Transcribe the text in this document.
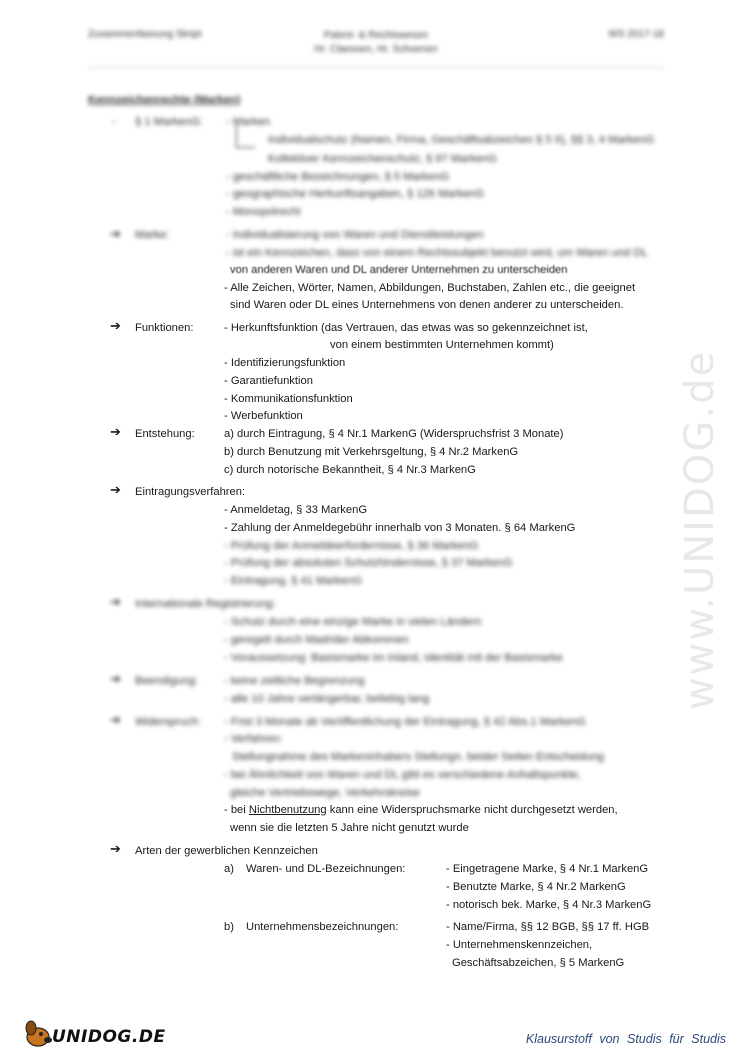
Zusammenfassung Skript	Patent- & Rechtswesen
Hr. Claessen, Hr. Schoenen
WS 2017-18
Kennzeichenrechte (Marken)
- § 1 MarkenG: - Marken
Individualschutz (Namen, Firma, Geschäftsabzeichen § 5 II), §§ 3, 4 MarkenG
Kollektiver Kennzeichenschutz, § 97 MarkenG
- geschäftliche Bezeichnungen, § 5 MarkenG
- geographische Herkunftsangaben, § 126 MarkenG
- Monopolrecht
➔ Marke:	- Individualisierung von Waren und Dienstleistungen
- ist ein Kennzeichen, dass von einem Rechtssubjekt benutzt wird, um Waren und DL
von anderen Waren und DL anderer Unternehmen zu unterscheiden
- Alle Zeichen, Wörter, Namen, Abbildungen, Buchstaben, Zahlen etc., die geeignet
sind Waren oder DL eines Unternehmens von denen anderer zu unterscheiden.
➔ Funktionen:	- Herkunftsfunktion (das Vertrauen, das etwas was so gekennzeichnet ist,
von einem bestimmten Unternehmen kommt)
- Identifizierungsfunktion
- Garantiefunktion
- Kommunikationsfunktion
- Werbefunktion
➔ Entstehung:	a) durch Eintragung, § 4 Nr.1 MarkenG (Widerspruchsfrist 3 Monate)
b) durch Benutzung mit Verkehrsgeltung, § 4 Nr.2 MarkenG
c) durch notorische Bekanntheit, § 4 Nr.3 MarkenG
➔ Eintragungsverfahren:
- Anmeldetag, § 33 MarkenG
- Zahlung der Anmeldegebühr innerhalb von 3 Monaten. § 64 MarkenG
- Prüfung der Anmeldeerfordernisse, § 36 MarkenG
- Prüfung der absoluten Schutzhindernisse, § 37 MarkenG
- Eintragung, § 41 MarkenG
➔ Internationale Registrierung:
- Schutz durch eine einzige Marke in vielen Ländern
- geregelt durch Madrider Abkommen
- Voraussetzung: Basismarke im Inland, Identität mit der Basismarke
➔ Beendigung: - keine zeitliche Begrenzung
- alle 10 Jahre verlängerbar, beliebig lang
➔ Widerspruch: - Frist 3 Monate ab Veröffentlichung der Eintragung, § 42 Abs.1 MarkenG
- Verfahren:
Stellungnahme des Markeninhabers Stellungn. beider Seiten Entscheidung
- bei Ähnlichkeit von Waren und DL gibt es verschiedene Anhaltspunkte,
gleiche Vertriebswege, Verkehrskreise
- bei Nichtbenutzung kann eine Widerspruchsmarke nicht durchgesetzt werden,
wenn sie die letzten 5 Jahre nicht genutzt wurde
➔ Arten der gewerblichen Kennzeichen
a) Waren- und DL-Bezeichnungen:	- Eingetragene Marke, § 4 Nr.1 MarkenG
- Benutzte Marke, § 4 Nr.2 MarkenG
- notorisch bek. Marke, § 4 Nr.3 MarkenG
b) Unternehmensbezeichnungen:	- Name/Firma, §§ 12 BGB, §§ 17 ff. HGB
- Unternehmenskennzeichen,
Geschäftsabzeichen, § 5 MarkenG
www.UNIDOG.de
UNIDOG.DE	Klausurstoff von Studis für Studis
